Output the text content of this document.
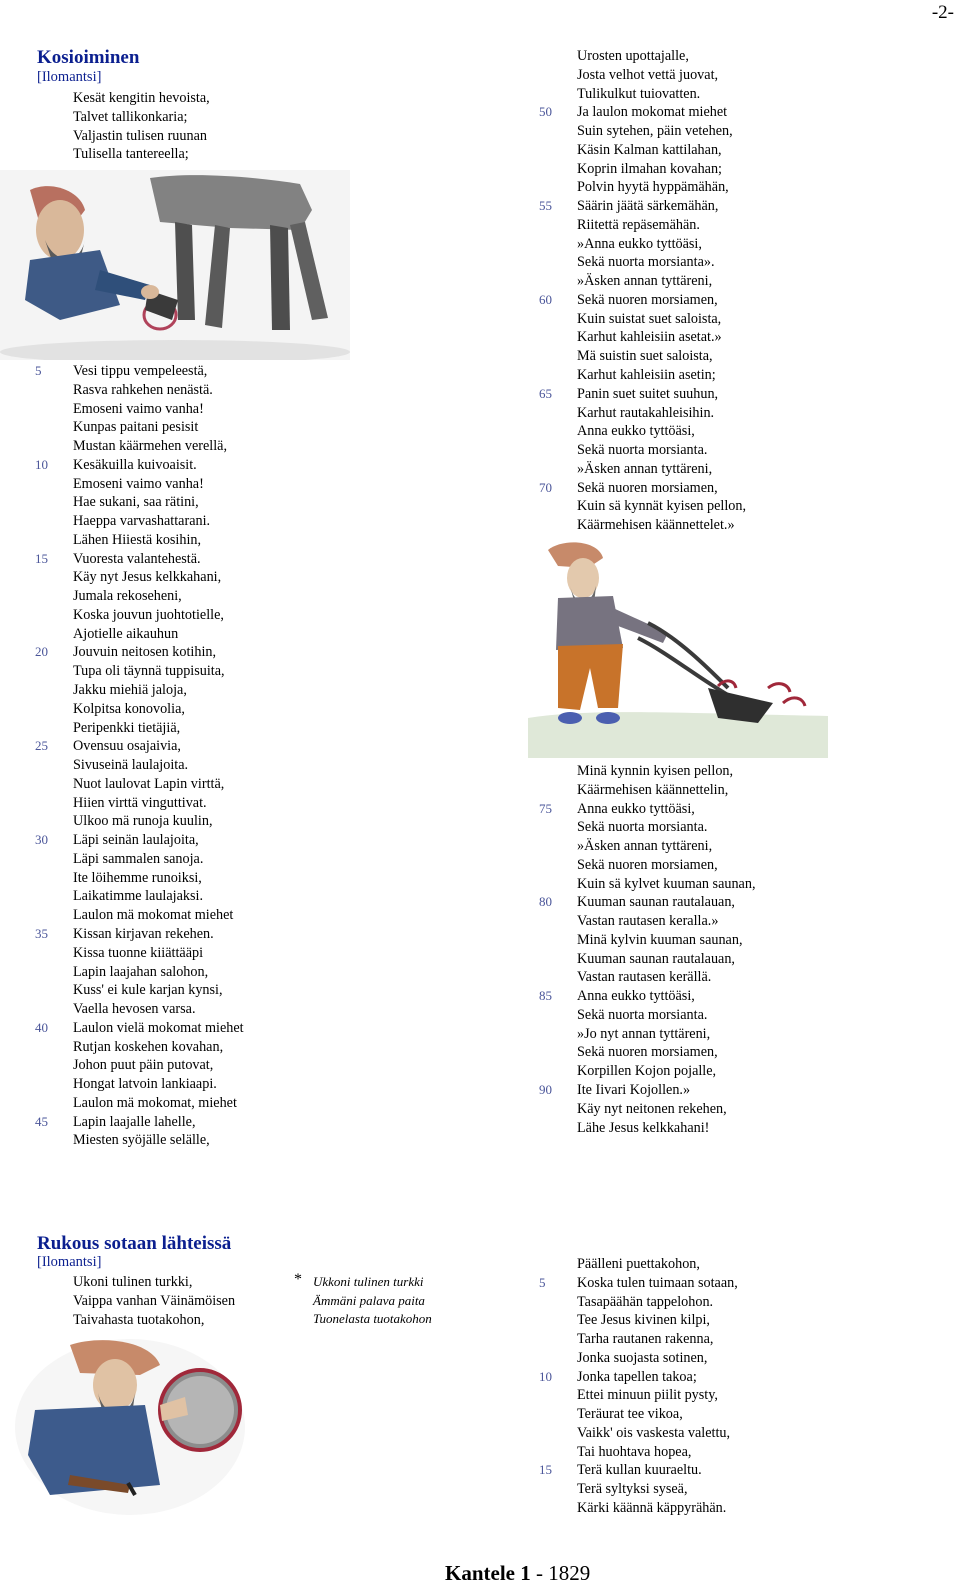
-2-
Kosioiminen
[Ilomantsi]
Kesät kengitin hevoista,
Talvet tallikonkaria;
Valjastin tulisen ruunan
Tulisella tantereella;
5	Vesi tippu vempeleestä,
Rasva rahkehen nenästä.
Emoseni vaimo vanha!
Kunpas paitani pesisit
Mustan käärmehen verellä,
10	Kesäkuilla kuivoaisit.
Emoseni vaimo vanha!
Hae sukani, saa rätini,
Haeppa varvashattarani.
Lähen Hiiestä kosihin,
15	Vuoresta valantehestä.
Käy nyt Jesus kelkkahani,
Jumala rekoseheni,
Koska jouvun juohtotielle,
Ajotielle aikauhun
20	Jouvuin neitosen kotihin,
Tupa oli täynnä tuppisuita,
Jakku miehiä jaloja,
Kolpitsa konovolia,
Peripenkki tietäjiä,
25	Ovensuu osajaivia,
Sivuseinä laulajoita.
Nuot laulovat Lapin virttä,
Hiien virttä vinguttivat.
Ulkoo mä runoja kuulin,
30	Läpi seinän laulajoita,
Läpi sammalen sanoja.
Ite löihemme runoiksi,
Laikatimme laulajaksi.
Laulon mä mokomat miehet
35	Kissan kirjavan rekehen.
Kissa tuonne kiiättääpi
Lapin laajahan salohon,
Kuss' ei kule karjan kynsi,
Vaella hevosen varsa.
40	Laulon vielä mokomat miehet
Rutjan koskehen kovahan,
Johon puut päin putovat,
Hongat latvoin lankiaapi.
Laulon mä mokomat, miehet
45	Lapin laajalle lahelle,
Miesten syöjälle selälle,
Urosten upottajalle,
Josta velhot vettä juovat,
Tulikulkut tuiovatten.
50	Ja laulon mokomat miehet
Suin sytehen, päin vetehen,
Käsin Kalman kattilahan,
Koprin ilmahan kovahan;
Polvin hyytä hyppämähän,
55	Säärin jäätä särkemähän,
Riitettä repäsemähän.
»Anna eukko tyttöäsi,
Sekä nuorta morsianta».
»Äsken annan tyttäreni,
60	Sekä nuoren morsiamen,
Kuin suistat suet saloista,
Karhut kahleisiin asetat.»
Mä suistin suet saloista,
Karhut kahleisiin asetin;
65	Panin suet suitet suuhun,
Karhut rautakahleisihin.
Anna eukko tyttöäsi,
Sekä nuorta morsianta.
»Äsken annan tyttäreni,
70	Sekä nuoren morsiamen,
Kuin sä kynnät kyisen pellon,
Käärmehisen käännettelet.»
Minä kynnin kyisen pellon,
Käärmehisen käännettelin,
75	Anna eukko tyttöäsi,
Sekä nuorta morsianta.
»Äsken annan tyttäreni,
Sekä nuoren morsiamen,
Kuin sä kylvet kuuman saunan,
80	Kuuman saunan rautalauan,
Vastan rautasen keralla.»
Minä kylvin kuuman saunan,
Kuuman saunan rautalauan,
Vastan rautasen kerällä.
85	Anna eukko tyttöäsi,
Sekä nuorta morsianta.
»Jo nyt annan tyttäreni,
Sekä nuoren morsiamen,
Korpillen Kojon pojalle,
90	Ite Iivari Kojollen.»
Käy nyt neitonen rekehen,
Lähe Jesus kelkkahani!
Rukous sotaan lähteissä
[Ilomantsi]
Ukoni tulinen turkki,
Vaippa vanhan Väinämöisen
Taivahasta tuotakohon,
* Ukkoni tulinen turkki
Ämmäni palava paita
Tuonelasta tuotakohon
Päälleni puettakohon,
5	Koska tulen tuimaan sotaan,
Tasapäähän tappelohon.
Tee Jesus kivinen kilpi,
Tarha rautanen rakenna,
Jonka suojasta sotinen,
10	Jonka tapellen takoa;
Ettei minuun piilit pysty,
Teräurat tee vikoa,
Vaikk' ois vaskesta valettu,
Tai huohtava hopea,
15	Terä kullan kuuraeltu.
Terä syltyksi syseä,
Kärki käännä käppyrähän.
Kantele 1 - 1829
